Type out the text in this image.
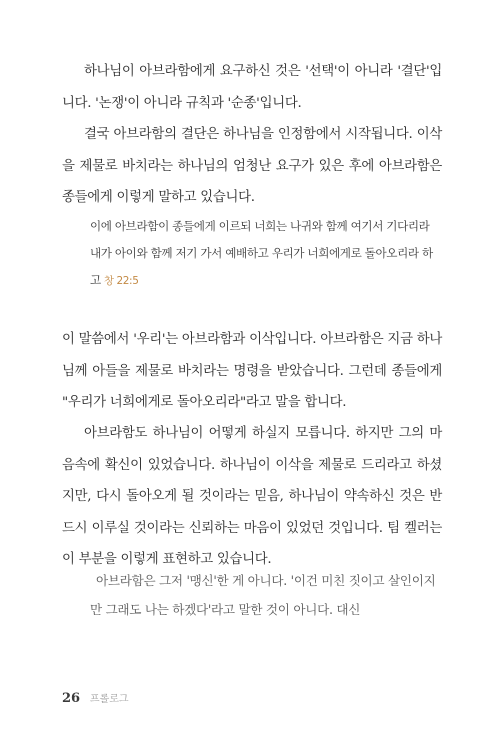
하나님이 아브라함에게 요구하신 것은 '선택'이 아니라 '결단'입니다. '논쟁'이 아니라 규칙과 '순종'입니다.

결국 아브라함의 결단은 하나님을 인정함에서 시작됩니다. 이삭을 제물로 바치라는 하나님의 엄청난 요구가 있은 후에 아브라함은 종들에게 이렇게 말하고 있습니다.

이에 아브라함이 종들에게 이르되 너희는 나귀와 함께 여기서 기다리라 내가 아이와 함께 저기 가서 예배하고 우리가 너희에게로 돌아오리라 하고 창 22:5

이 말씀에서 '우리'는 아브라함과 이삭입니다. 아브라함은 지금 하나님께 아들을 제물로 바치라는 명령을 받았습니다. 그런데 종들에게 "우리가 너희에게로 돌아오리라"라고 말을 합니다.

아브라함도 하나님이 어떻게 하실지 모릅니다. 하지만 그의 마음속에 확신이 있었습니다. 하나님이 이삭을 제물로 드리라고 하셨지만, 다시 돌아오게 될 것이라는 믿음, 하나님이 약속하신 것은 반드시 이루실 것이라는 신뢰하는 마음이 있었던 것입니다. 팀 켈러는 이 부분을 이렇게 표현하고 있습니다.

아브라함은 그저 '맹신'한 게 아니다. '이건 미친 짓이고 살인이지만 그래도 나는 하겠다'라고 말한 것이 아니다. 대신

26 프롤로그
